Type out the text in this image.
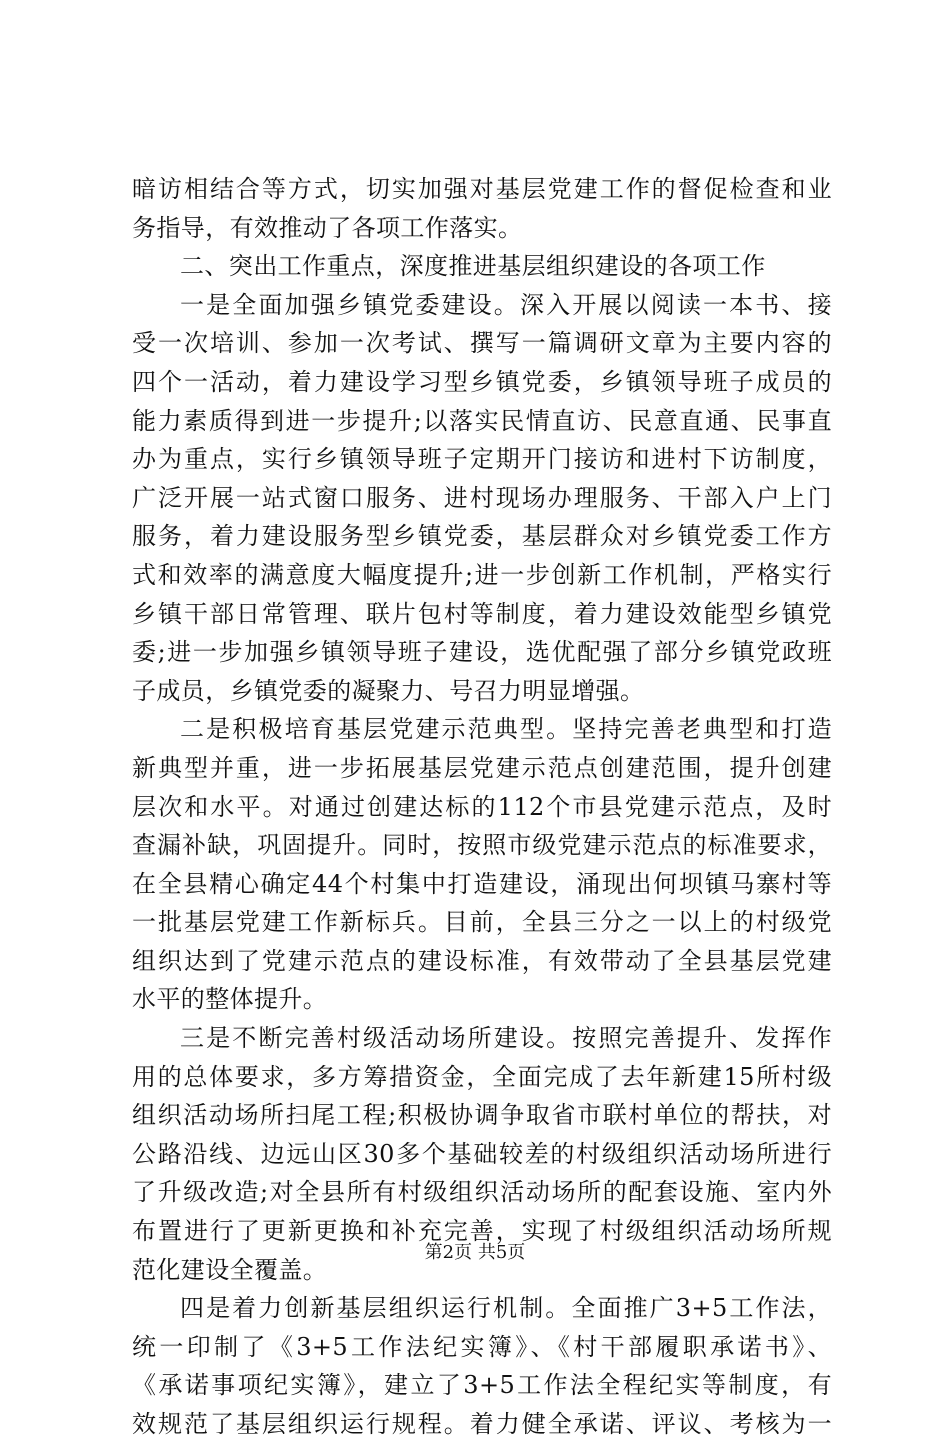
暗访相结合等方式，切实加强对基层党建工作的督促检查和业
务指导，有效推动了各项工作落实。
二、突出工作重点，深度推进基层组织建设的各项工作
一是全面加强乡镇党委建设。深入开展以阅读一本书、接
受一次培训、参加一次考试、撰写一篇调研文章为主要内容的
四个一活动，着力建设学习型乡镇党委，乡镇领导班子成员的
能力素质得到进一步提升;以落实民情直访、民意直通、民事直
办为重点，实行乡镇领导班子定期开门接访和进村下访制度，
广泛开展一站式窗口服务、进村现场办理服务、干部入户上门
服务，着力建设服务型乡镇党委，基层群众对乡镇党委工作方
式和效率的满意度大幅度提升;进一步创新工作机制，严格实行
乡镇干部日常管理、联片包村等制度，着力建设效能型乡镇党
委;进一步加强乡镇领导班子建设，选优配强了部分乡镇党政班
子成员，乡镇党委的凝聚力、号召力明显增强。
二是积极培育基层党建示范典型。坚持完善老典型和打造
新典型并重，进一步拓展基层党建示范点创建范围，提升创建
层次和水平。对通过创建达标的112个市县党建示范点，及时
查漏补缺，巩固提升。同时，按照市级党建示范点的标准要求，
在全县精心确定44个村集中打造建设，涌现出何坝镇马寨村等
一批基层党建工作新标兵。目前，全县三分之一以上的村级党
组织达到了党建示范点的建设标准，有效带动了全县基层党建
水平的整体提升。
三是不断完善村级活动场所建设。按照完善提升、发挥作
用的总体要求，多方筹措资金，全面完成了去年新建15所村级
组织活动场所扫尾工程;积极协调争取省市联村单位的帮扶，对
公路沿线、边远山区30多个基础较差的村级组织活动场所进行
了升级改造;对全县所有村级组织活动场所的配套设施、室内外
布置进行了更新更换和补充完善，实现了村级组织活动场所规
范化建设全覆盖。
四是着力创新基层组织运行机制。全面推广3+5工作法，
统一印制了《3+5工作法纪实簿》、《村干部履职承诺书》、
《承诺事项纪实簿》，建立了3+5工作法全程纪实等制度，有
效规范了基层组织运行规程。着力健全承诺、评议、考核为一
第2页 共5页
